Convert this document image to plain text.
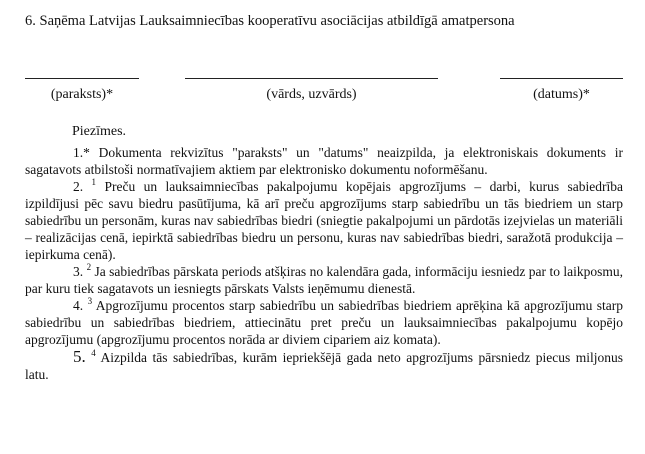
6. Saņēma Latvijas Lauksaimniecības kooperatīvu asociācijas atbildīgā amatpersona
(paraksts)*	(vārds, uzvārds)	(datums)*
Piezīmes.

1.* Dokumenta rekvizītus "paraksts" un "datums" neaizpilda, ja elektroniskais dokuments ir sagatavots atbilstoši normatīvajiem aktiem par elektronisko dokumentu noformēšanu.

2. $^1$ Preču un lauksaimniecības pakalpojumu kopējais apgrozījums – darbi, kurus sabiedrība izpildījusi pēc savu biedru pasūtījuma, kā arī preču apgrozījums starp sabiedrību un tās biedriem un starp sabiedrību un personām, kuras nav sabiedrības biedri (sniegtie pakalpojumi un pārdotās izejvielas un materiāli – realizācijas cenā, iepirktā sabiedrības biedru un personu, kuras nav sabiedrības biedri, saražotā produkcija – iepirkuma cenā).

3. $^2$ Ja sabiedrības pārskata periods atšķiras no kalendāra gada, informāciju iesniedz par to laikposmu, par kuru tiek sagatavots un iesniegts pārskats Valsts ieņēmumu dienestā.

4. $^3$ Apgrozījumu procentos starp sabiedrību un sabiedrības biedriem aprēķina kā apgrozījumu starp sabiedrību un sabiedrības biedriem, attiecinātu pret preču un lauksaimniecības pakalpojumu kopējo apgrozījumu (apgrozījumu procentos norāda ar diviem cipariem aiz komata).

5. $^4$ Aizpilda tās sabiedrības, kurām iepriekšējā gada neto apgrozījums pārsniedz piecus miljonus latu.
